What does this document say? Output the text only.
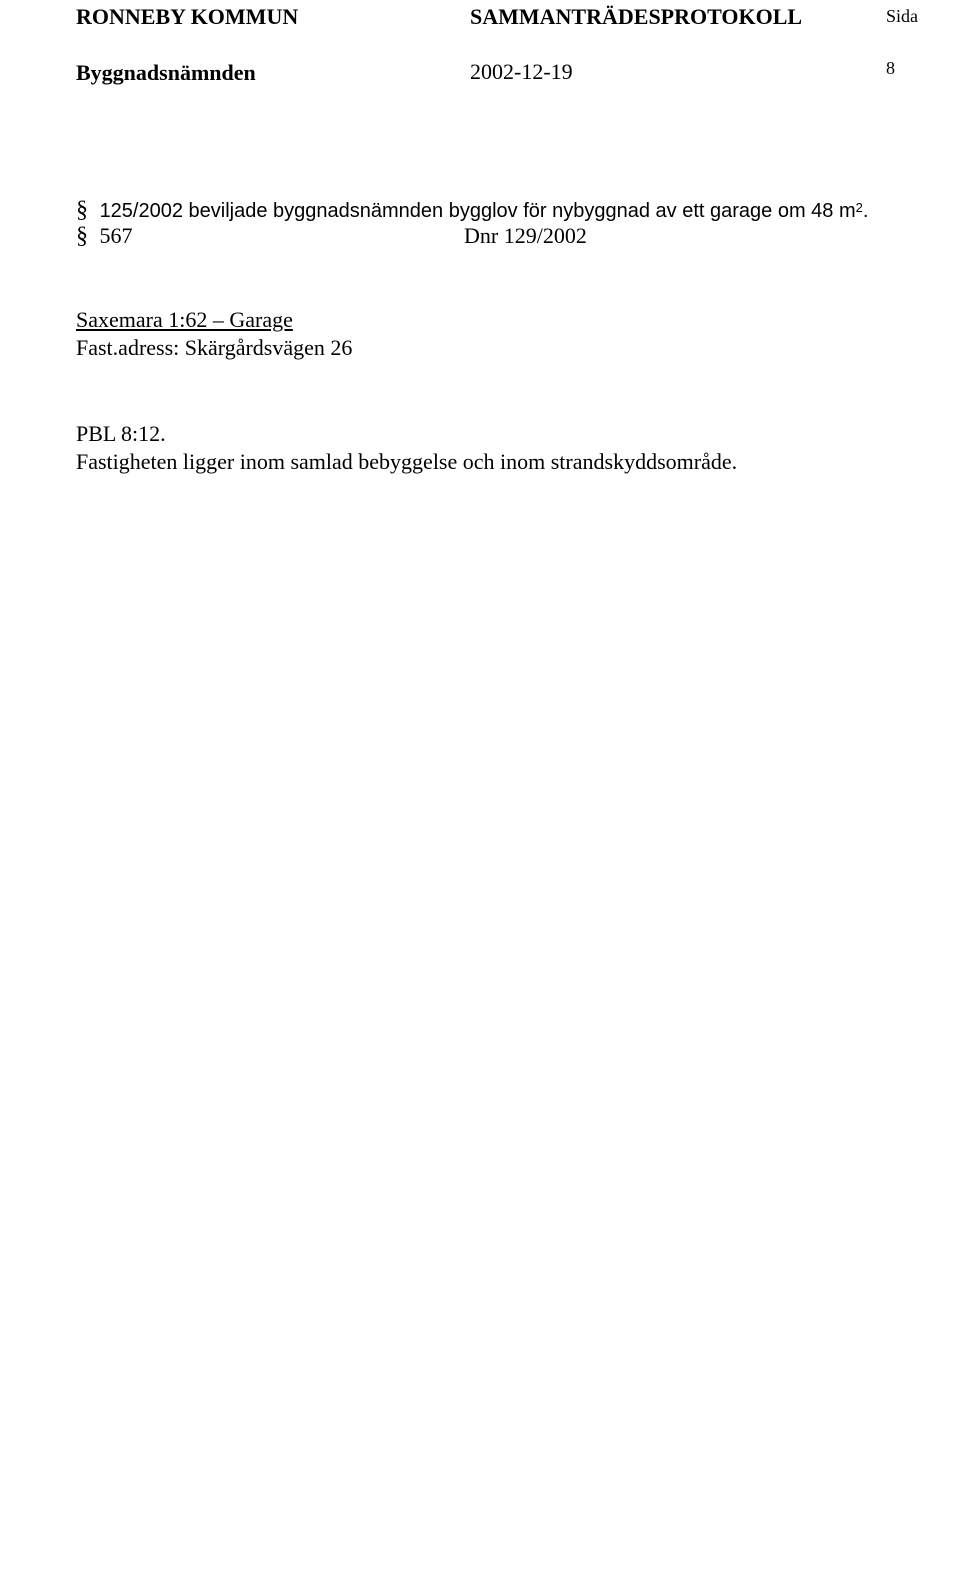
RONNEBY KOMMUN	SAMMANTRÄDESPROTOKOLL	Sida
Byggnadsnämnden	2002-12-19	8
§ 567	Dnr 129/2002
Saxemara 1:62 – Garage
Fast.adress: Skärgårdsvägen 26
PBL 8:12.
Fastigheten ligger inom samlad bebyggelse och inom strandskyddsområde.
§ 125/2002 beviljade byggnadsnämnden bygglov för nybyggnad av ett garage om 48 $m^2$.
